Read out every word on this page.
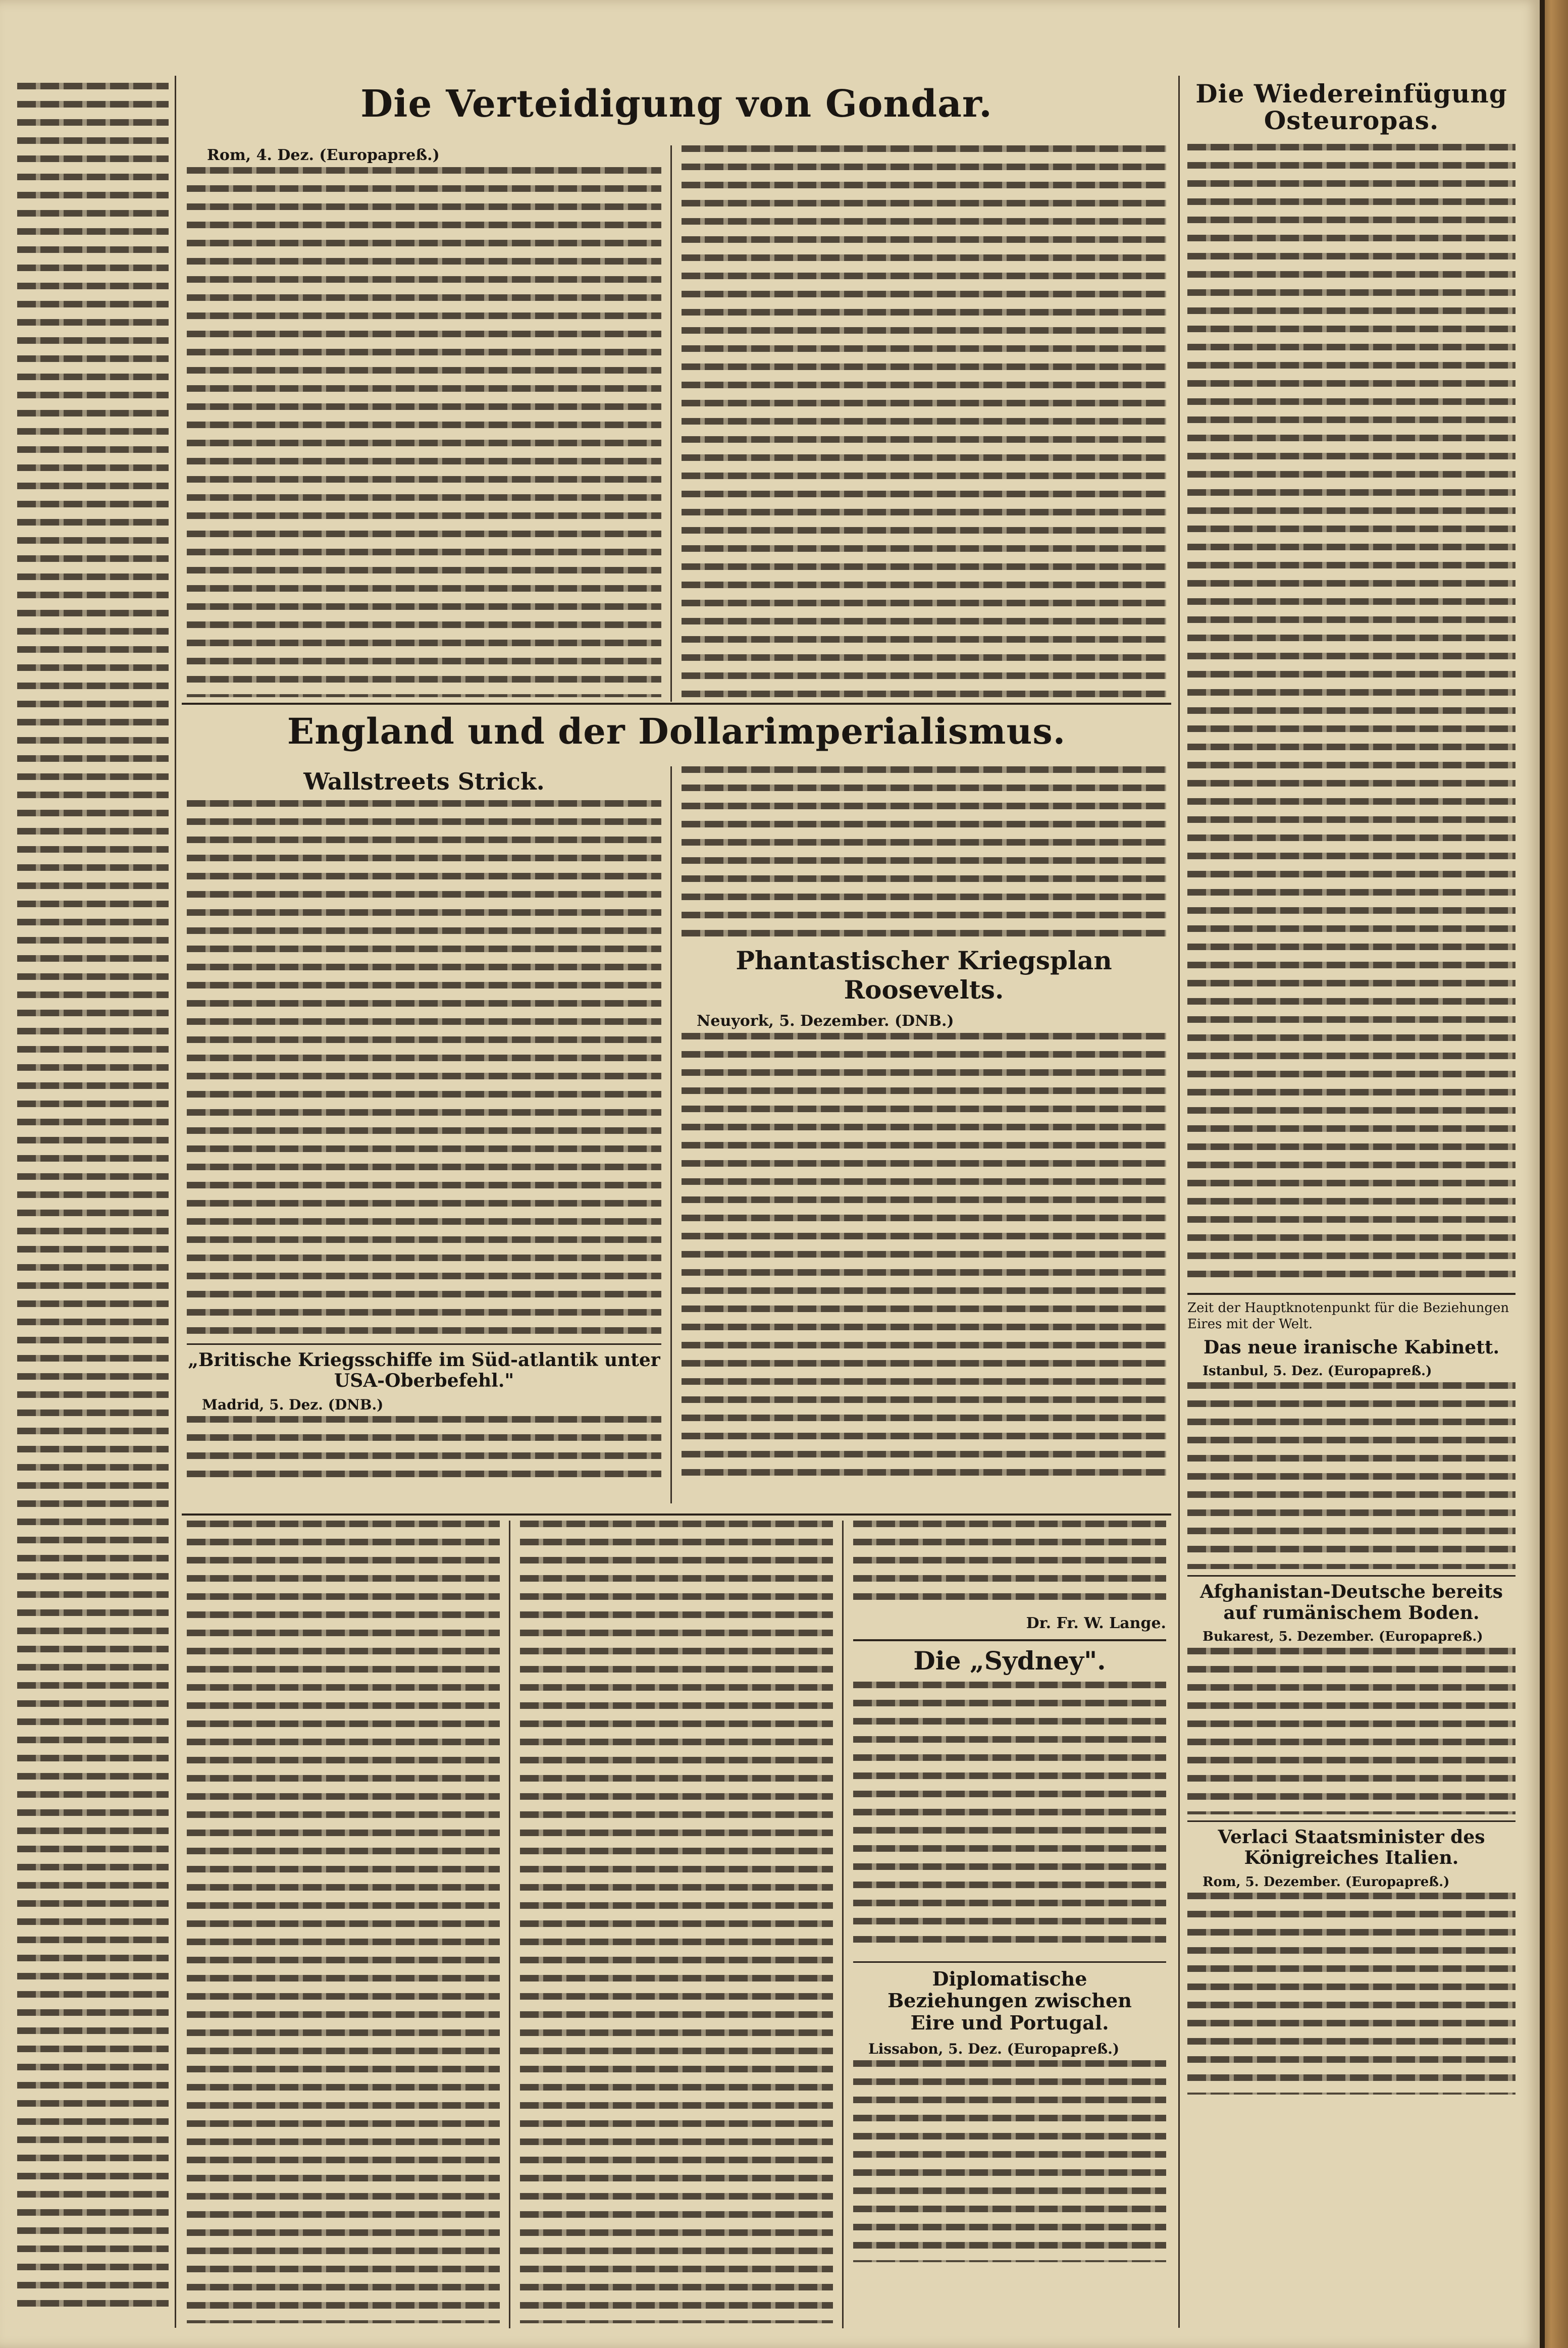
Die Verteidigung von Gondar.

Rom, 4. Dez. (Europapreß.)

England und der Dollarimperialismus.
Wallstreets Strick.
„Britische Kriegsschiffe im Süd-atlantik unter USA-Oberbefehl."

Madrid, 5. Dez. (DNB.)

Phantastischer Kriegsplan Roosevelts.

Neuyork, 5. Dezember. (DNB.)

Dr. Fr. W. Lange.

Die „Sydney".
Diplomatische Beziehungen zwischen Eire und Portugal.

Lissabon, 5. Dez. (Europapreß.)

Die Wiedereinfügung
Osteuropas.

Zeit der Hauptknotenpunkt für die Beziehungen Eires mit der Welt.

Das neue iranische Kabinett.

Istanbul, 5. Dez. (Europapreß.)

Afghanistan-Deutsche bereits auf rumänischem Boden.

Bukarest, 5. Dezember. (Europapreß.)

Verlaci Staatsminister des Königreiches Italien.

Rom, 5. Dezember. (Europapreß.)
